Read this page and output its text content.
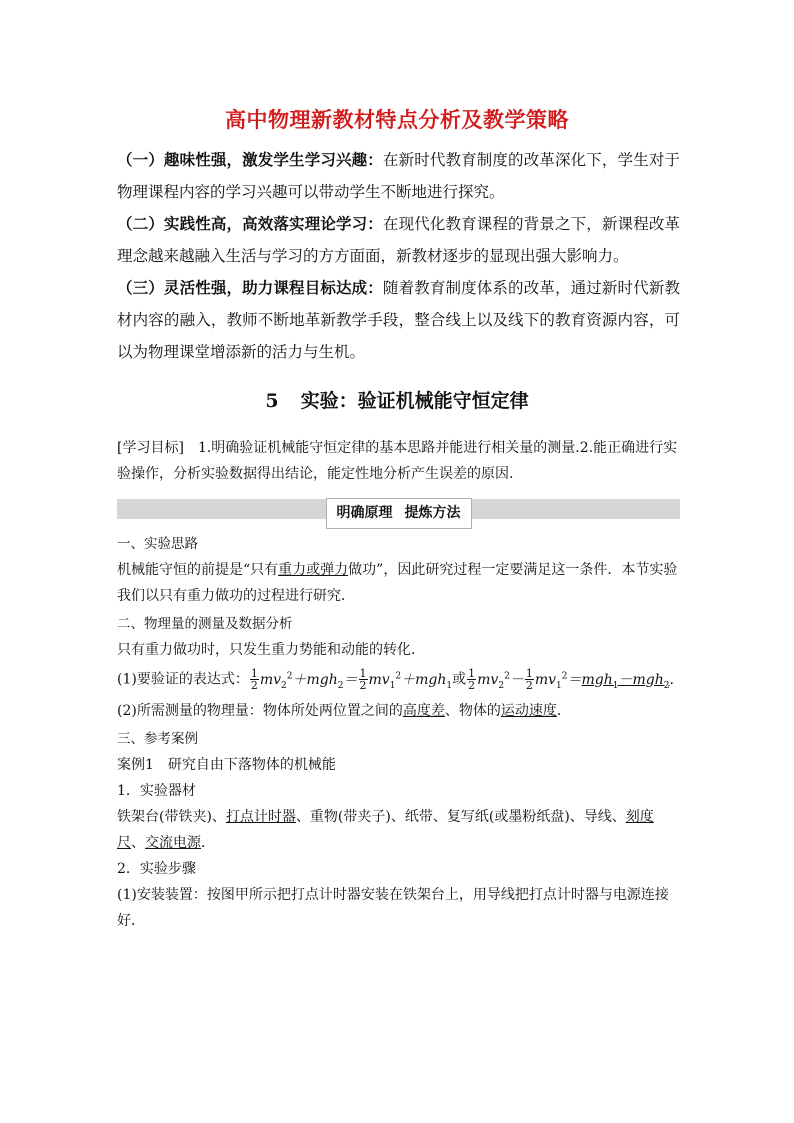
高中物理新教材特点分析及教学策略

（一）趣味性强，激发学生学习兴趣：在新时代教育制度的改革深化下，学生对于物理课程内容的学习兴趣可以带动学生不断地进行探究。

（二）实践性高，高效落实理论学习：在现代化教育课程的背景之下，新课程改革理念越来越融入生活与学习的方方面面，新教材逐步的显现出强大影响力。

（三）灵活性强，助力课程目标达成：随着教育制度体系的改革，通过新时代新教材内容的融入，教师不断地革新教学手段，整合线上以及线下的教育资源内容，可以为物理课堂增添新的活力与生机。

5 实验：验证机械能守恒定律

[学习目标]　 1.明确验证机械能守恒定律的基本思路并能进行相关量的测量.2.能正确进行实验操作，分析实验数据得出结论，能定性地分析产生误差的原因.

明确原理 提炼方法

一、实验思路

机械能守恒的前提是“只有重力或弹力做功”，因此研究过程一定要满足这一条件．本节实验我们以只有重力做功的过程进行研究．

二、物理量的测量及数据分析

只有重力做功时，只发生重力势能和动能的转化．

(1)要验证的表达式： $\frac{1}{2} mv_2^2+mgh_2= \frac{1}{2} mv_1^2+mgh_1$或 $\frac{1}{2} mv_2^2- \frac{1}{2} mv_1^2=mgh_1-mgh_2$.

(2)所需测量的物理量：物体所处两位置之间的高度差、物体的运动速度．

三、参考案例

案例1　研究自由下落物体的机械能

1．实验器材

铁架台(带铁夹)、打点计时器、重物(带夹子)、纸带、复写纸(或墨粉纸盘)、导线、刻度尺、交流电源．

2．实验步骤

(1)安装装置：按图甲所示把打点计时器安装在铁架台上，用导线把打点计时器与电源连接好．
